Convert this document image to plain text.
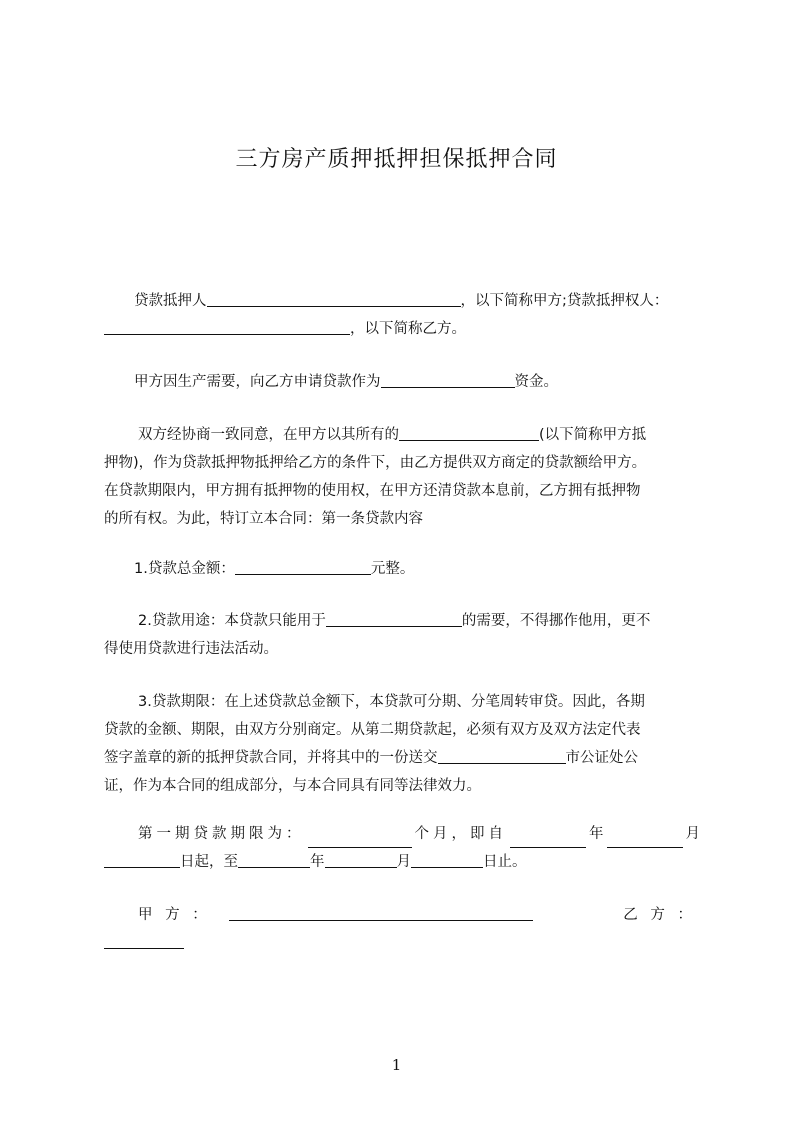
三方房产质押抵押担保抵押合同
贷款抵押人	，以下简称甲方;贷款抵押权人：
，以下简称乙方。
甲方因生产需要，向乙方申请贷款作为	资金。
双方经协商一致同意，在甲方以其所有的	(以下简称甲方抵
押物)，作为贷款抵押物抵押给乙方的条件下，由乙方提供双方商定的贷款额给甲方。
在贷款期限内，甲方拥有抵押物的使用权，在甲方还清贷款本息前，乙方拥有抵押物
的所有权。为此，特订立本合同：第一条贷款内容
1.贷款总金额：	元整。
2.贷款用途：本贷款只能用于	的需要，不得挪作他用，更不
得使用贷款进行违法活动。
3.贷款期限：在上述贷款总金额下，本贷款可分期、分笔周转审贷。因此，各期
贷款的金额、期限，由双方分别商定。从第二期贷款起，必须有双方及双方法定代表
签字盖章的新的抵押贷款合同，并将其中的一份送交	市公证处公
证，作为本合同的组成部分，与本合同具有同等法律效力。
第一期贷款期限为：	个月，即自	年	月
日起，至	年	月	日止。
甲 方 ：	乙 方 ：
1
